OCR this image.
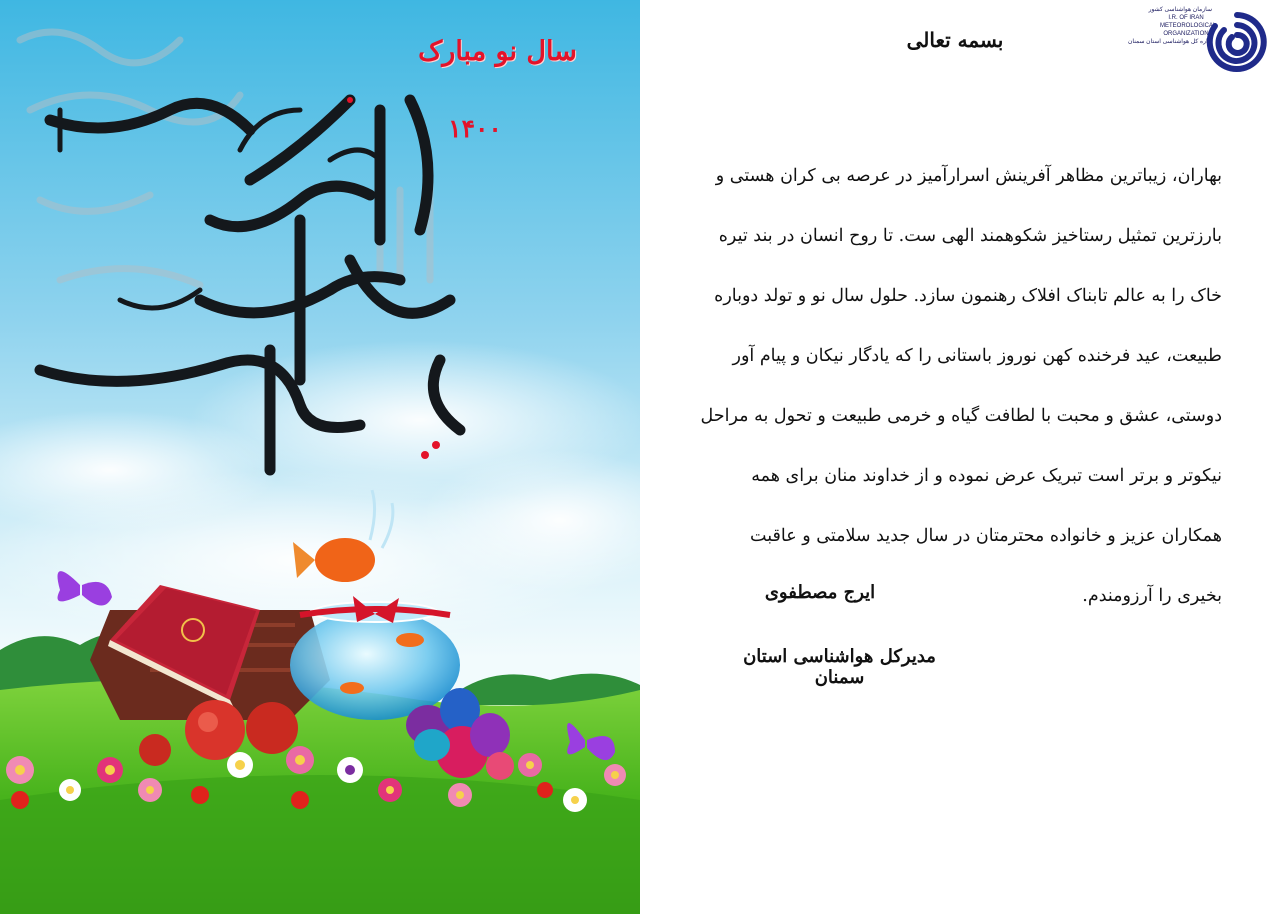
سال نو مبارک
۱۴۰۰
سازمان هواشناسی کشور
I.R. OF IRAN
METEOROLOGICAL
ORGANIZATION
اداره کل هواشناسی استان سمنان
بسمه تعالی

بهاران، زیباترین مظاهر آفرینش اسرارآمیز در عرصه بی کران هستی و بارزترین تمثیل رستاخیز شکوهمند الهی ست. تا روح انسان در بند تیره خاک را به عالم تابناک افلاک رهنمون سازد. حلول سال نو و تولد دوباره طبیعت، عید فرخنده کهن نوروز باستانی را که یادگار نیکان و پیام آور دوستی، عشق و محبت با لطافت گیاه و خرمی طبیعت و تحول به مراحل نیکوتر و برتر است تبریک عرض نموده و از خداوند منان برای همه همکاران عزیز و خانواده محترمتان در سال جدید سلامتی و عاقبت بخیری را آرزومندم.

ایرج مصطفوی
مدیرکل هواشناسی استان سمنان
